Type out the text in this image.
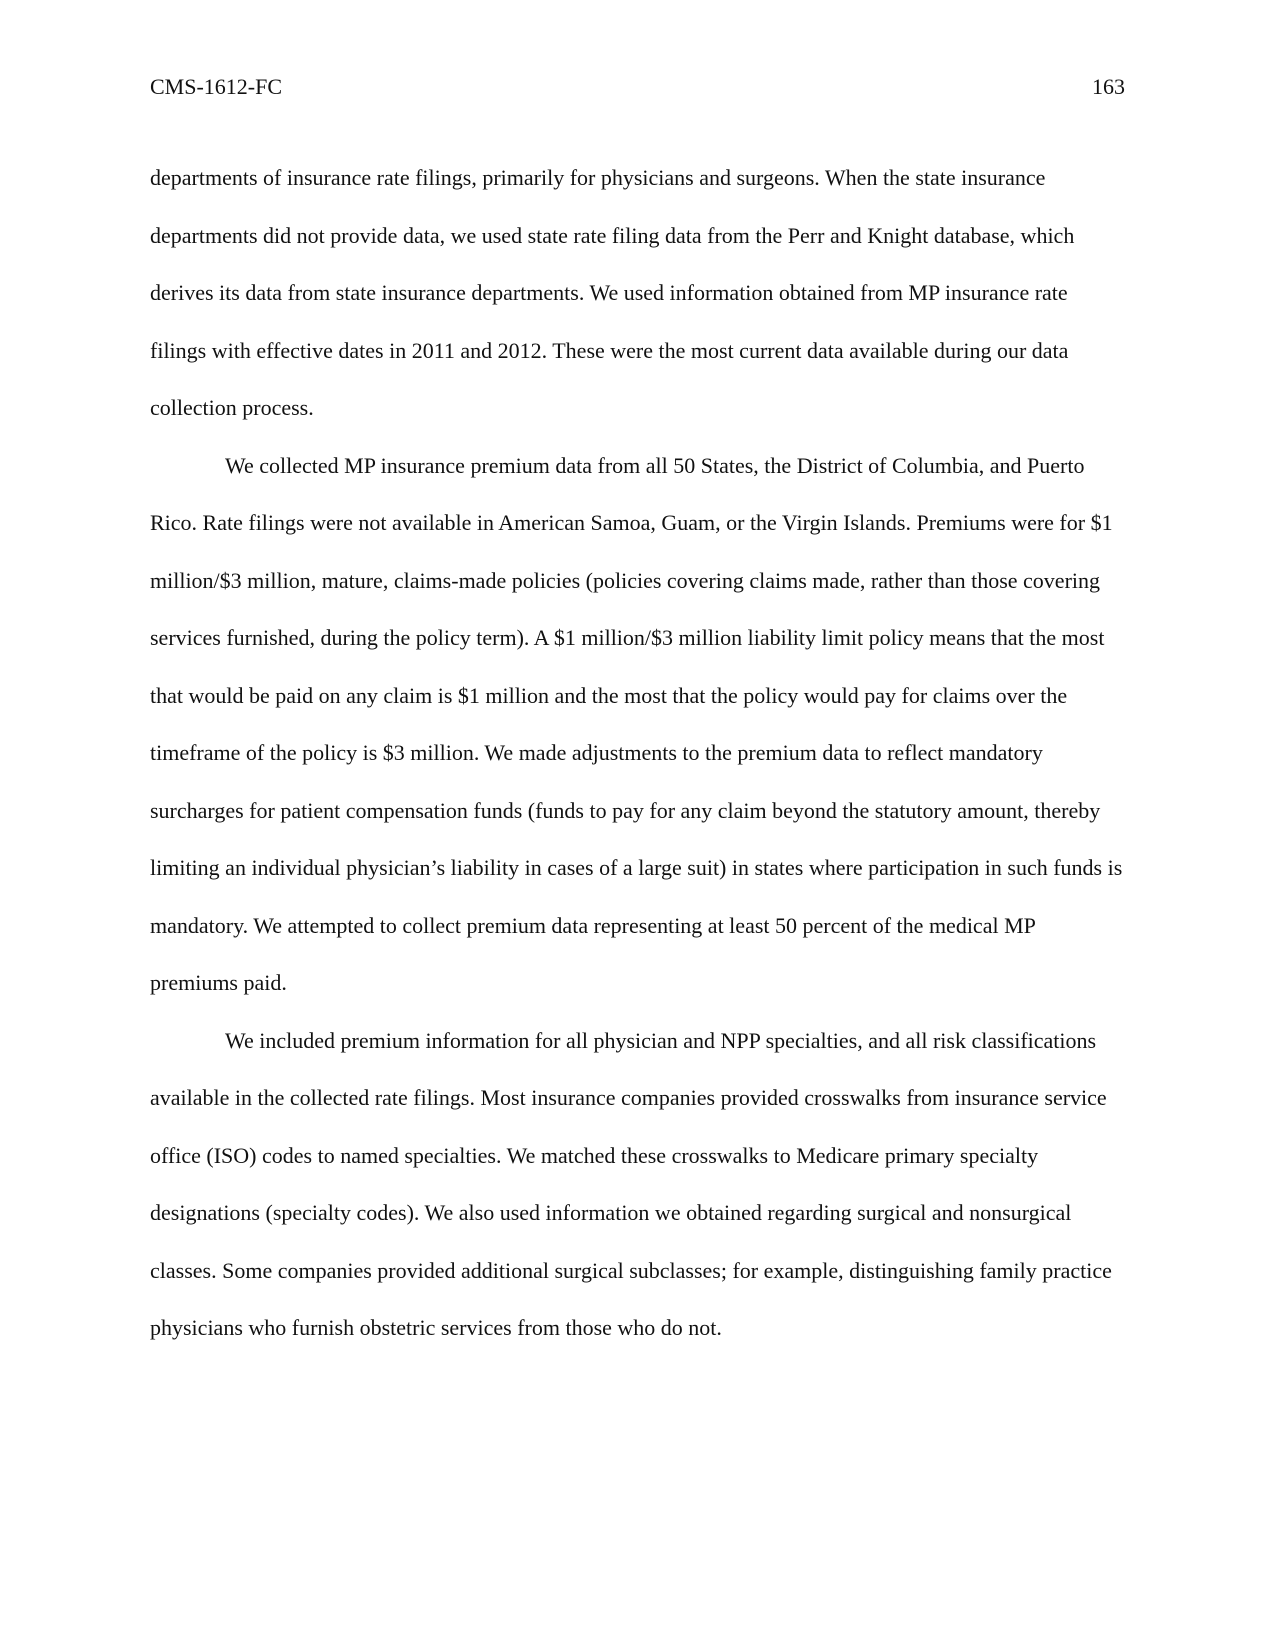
CMS-1612-FC	163

departments of insurance rate filings, primarily for physicians and surgeons. When the state insurance departments did not provide data, we used state rate filing data from the Perr and Knight database, which derives its data from state insurance departments. We used information obtained from MP insurance rate filings with effective dates in 2011 and 2012. These were the most current data available during our data collection process.

We collected MP insurance premium data from all 50 States, the District of Columbia, and Puerto Rico. Rate filings were not available in American Samoa, Guam, or the Virgin Islands. Premiums were for $1 million/$3 million, mature, claims-made policies (policies covering claims made, rather than those covering services furnished, during the policy term). A $1 million/$3 million liability limit policy means that the most that would be paid on any claim is $1 million and the most that the policy would pay for claims over the timeframe of the policy is $3 million. We made adjustments to the premium data to reflect mandatory surcharges for patient compensation funds (funds to pay for any claim beyond the statutory amount, thereby limiting an individual physician’s liability in cases of a large suit) in states where participation in such funds is mandatory. We attempted to collect premium data representing at least 50 percent of the medical MP premiums paid.

We included premium information for all physician and NPP specialties, and all risk classifications available in the collected rate filings. Most insurance companies provided crosswalks from insurance service office (ISO) codes to named specialties. We matched these crosswalks to Medicare primary specialty designations (specialty codes). We also used information we obtained regarding surgical and nonsurgical classes. Some companies provided additional surgical subclasses; for example, distinguishing family practice physicians who furnish obstetric services from those who do not.
